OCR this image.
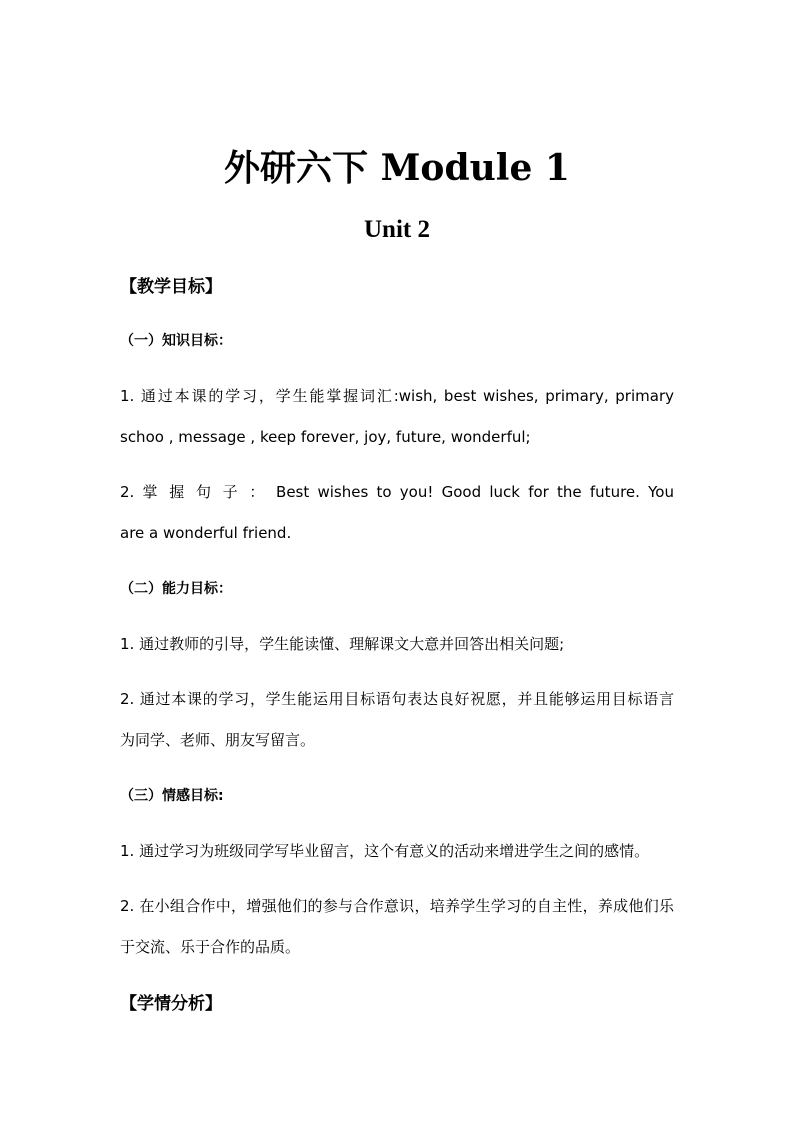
外研六下 Module 1
Unit 2
【教学目标】
（一）知识目标：
1. 通过本课的学习，学生能掌握词汇:wish, best wishes, primary, primary
schoo , message , keep forever, joy, future, wonderful;
2. 掌 握 句 子 ： Best wishes to you! Good luck for the future. You
are a wonderful friend.
（二）能力目标：
1. 通过教师的引导，学生能读懂、理解课文大意并回答出相关问题;
2. 通过本课的学习，学生能运用目标语句表达良好祝愿，并且能够运用目标语言
为同学、老师、朋友写留言。
（三）情感目标:
1. 通过学习为班级同学写毕业留言，这个有意义的活动来增进学生之间的感情。
2. 在小组合作中，增强他们的参与合作意识，培养学生学习的自主性，养成他们乐
于交流、乐于合作的品质。
【学情分析】
